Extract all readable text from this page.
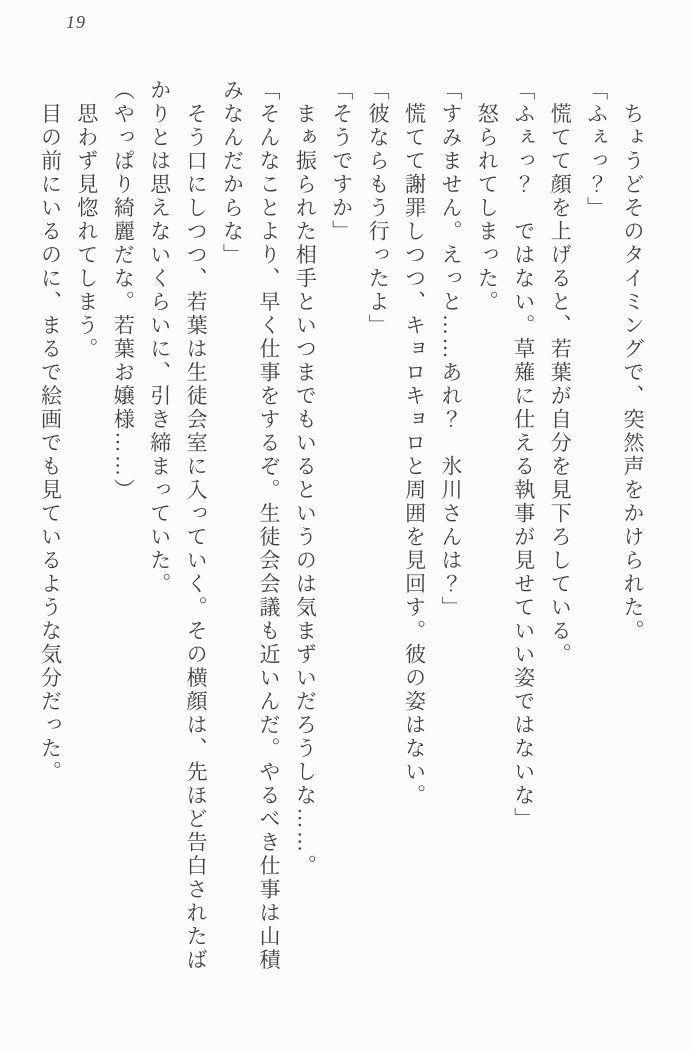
19
　ちょうどそのタイミングで、突然声をかけられた。
「ふぇっ？」
　慌てて顔を上げると、若葉が自分を見下ろしている。
「ふぇっ？　ではない。草薙に仕える執事が見せていい姿ではないな」
　怒られてしまった。
「すみません。えっと……あれ？　氷川さんは？」
　慌てて謝罪しつつ、キョロキョロと周囲を見回す。彼の姿はない。
「彼ならもう行ったよ」
「そうですか」
　まぁ振られた相手といつまでもいるというのは気まずいだろうしな……。
「そんなことより、早く仕事をするぞ。生徒会会議も近いんだ。やるべき仕事は山積
みなんだからな」
　そう口にしつつ、若葉は生徒会室に入っていく。その横顔は、先ほど告白されたば
かりとは思えないくらいに、引き締まっていた。
（やっぱり綺麗だな。若葉お嬢様……）
　思わず見惚れてしまう。
　目の前にいるのに、まるで絵画でも見ているような気分だった。
